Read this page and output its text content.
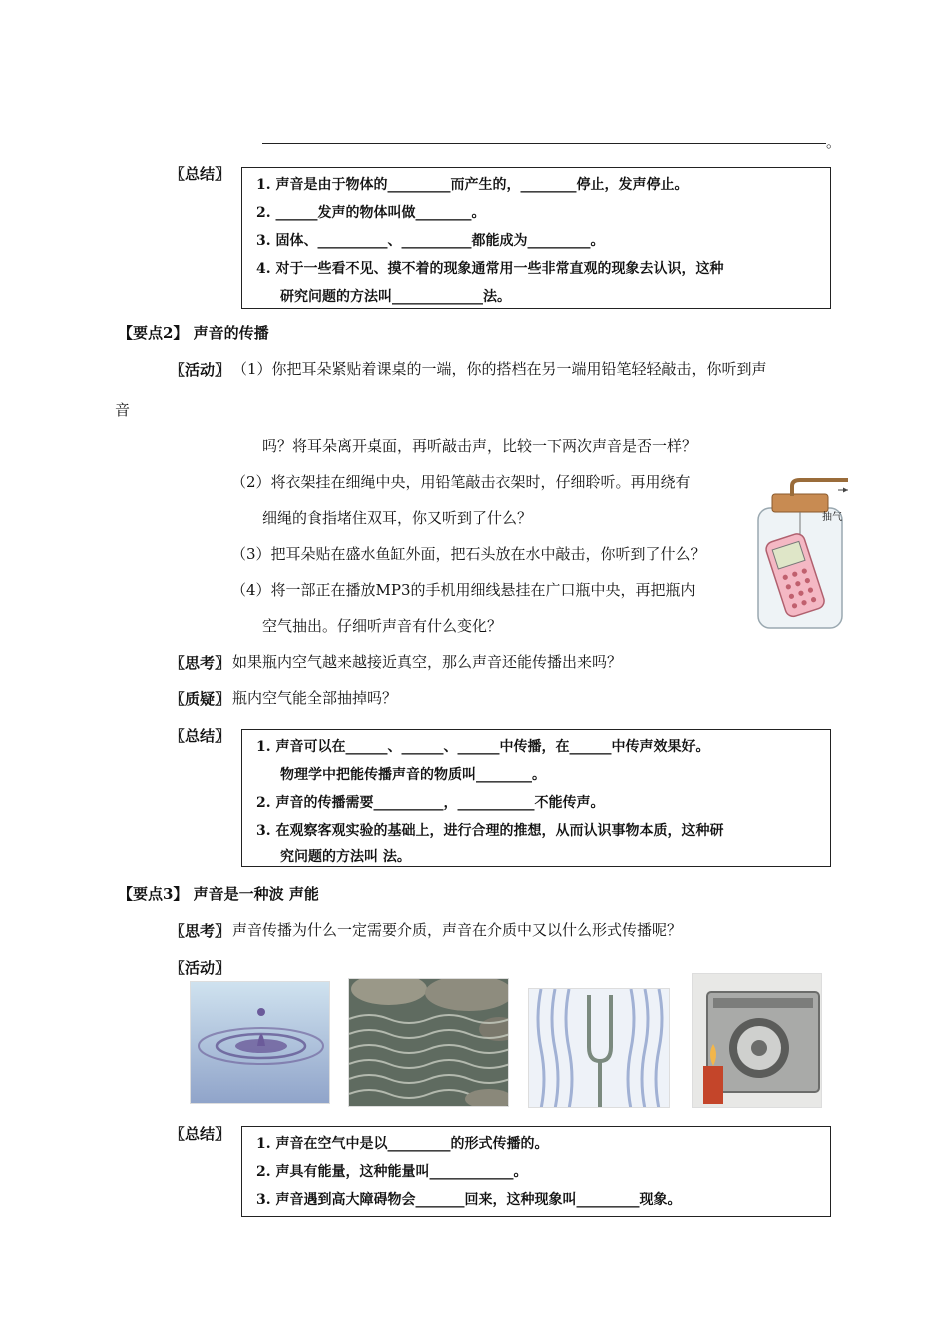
。
〖总结〗
1. 声音是由于物体的_________而产生的，________停止，发声停止。
2. ______发声的物体叫做________。
3. 固体、__________、__________都能成为_________。
4. 对于一些看不见、摸不着的现象通常用一些非常直观的现象去认识，这种
研究问题的方法叫_____________法。
【要点2】 声音的传播
〖活动〗 （1）你把耳朵紧贴着课桌的一端，你的搭档在另一端用铅笔轻轻敲击，你听到声
音
吗？将耳朵离开桌面，再听敲击声，比较一下两次声音是否一样？
（2）将衣架挂在细绳中央，用铅笔敲击衣架时，仔细聆听。再用绕有
细绳的食指堵住双耳，你又听到了什么？
（3）把耳朵贴在盛水鱼缸外面，把石头放在水中敲击，你听到了什么？
（4）将一部正在播放MP3的手机用细线悬挂在广口瓶中央，再把瓶内
空气抽出。仔细听声音有什么变化？
抽气
〖思考〗 如果瓶内空气越来越接近真空，那么声音还能传播出来吗？
〖质疑〗 瓶内空气能全部抽掉吗？
〖总结〗
1. 声音可以在______、______、______中传播，在______中传声效果好。
物理学中把能传播声音的物质叫________。
2. 声音的传播需要__________，___________不能传声。
3. 在观察客观实验的基础上，进行合理的推想，从而认识事物本质，这种研
究问题的方法叫 法。
【要点3】 声音是一种波 声能
〖思考〗 声音传播为什么一定需要介质，声音在介质中又以什么形式传播呢？
〖活动〗
〖总结〗
1. 声音在空气中是以_________的形式传播的。
2. 声具有能量，这种能量叫____________。
3. 声音遇到高大障碍物会_______回来，这种现象叫_________现象。
